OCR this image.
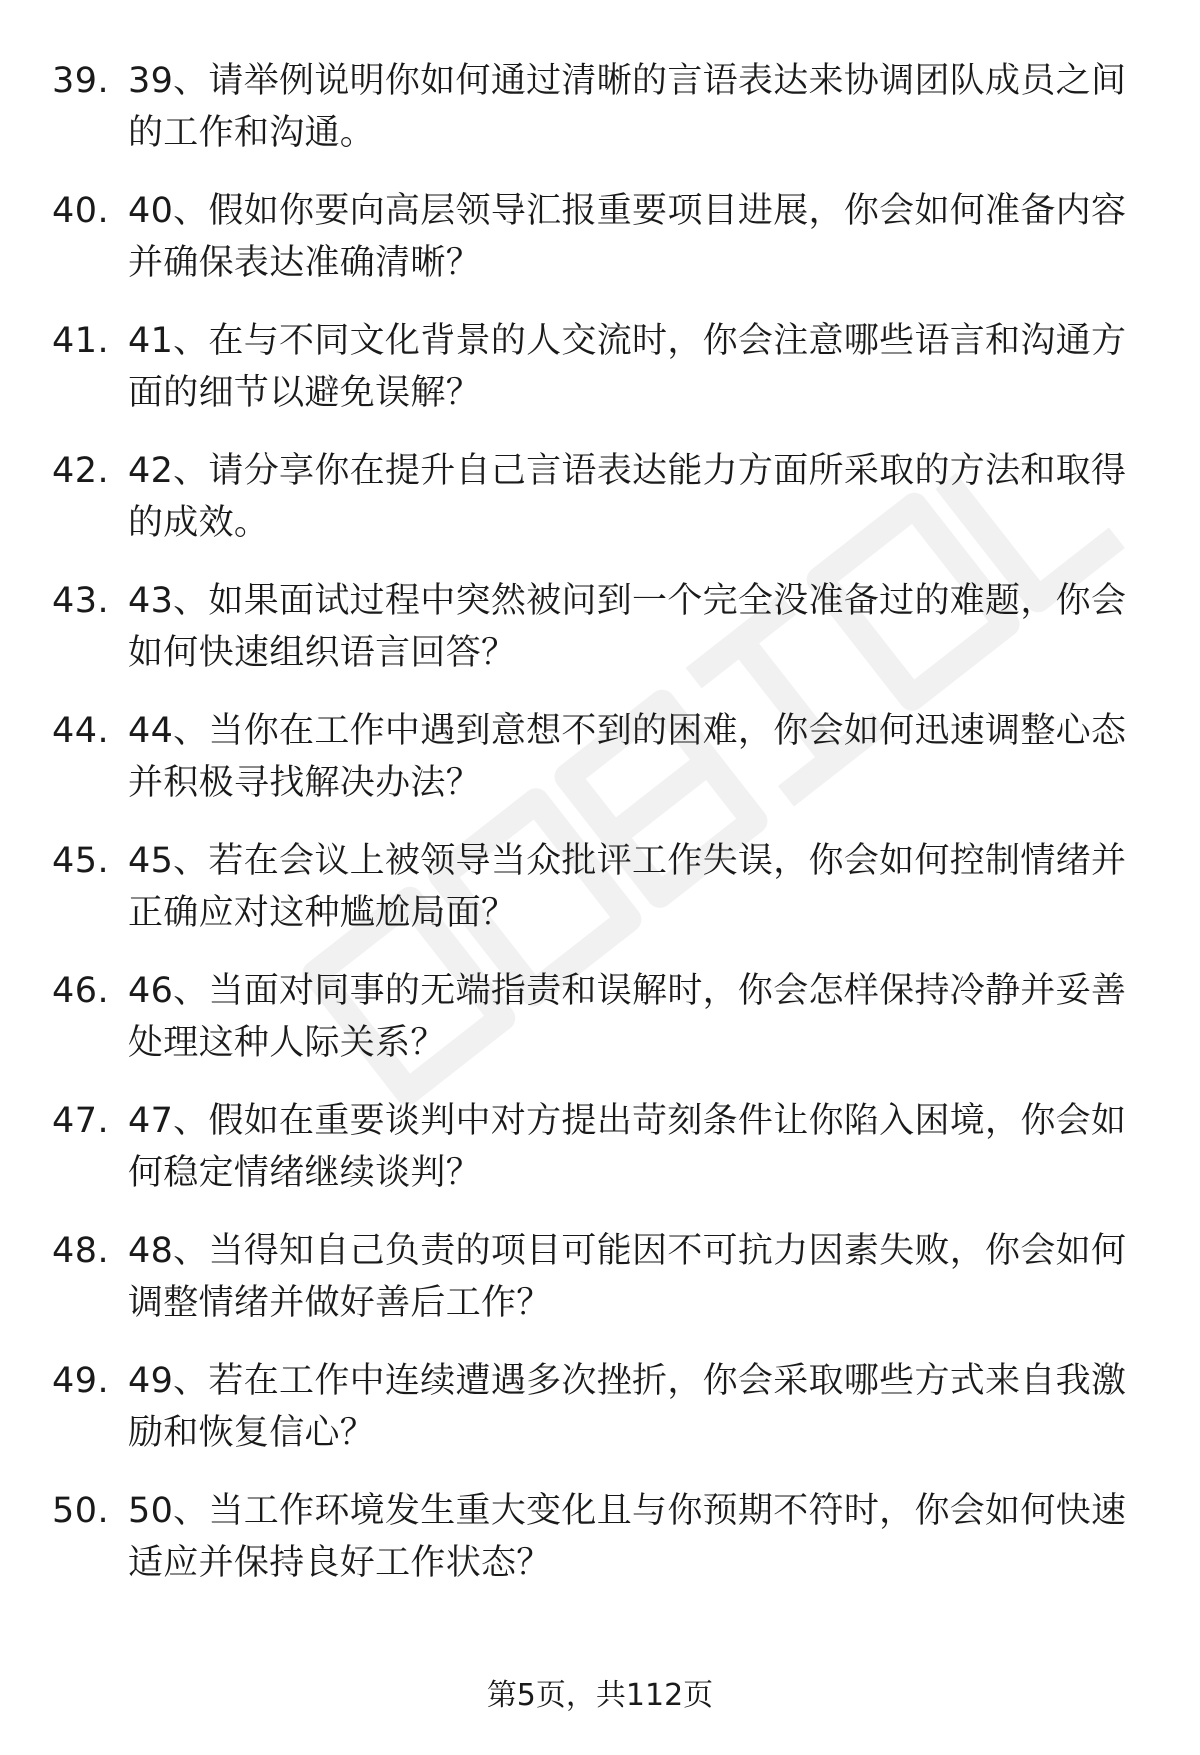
39. 39、请举例说明你如何通过清晰的言语表达来协调团队成员之间的工作和沟通。
40. 40、假如你要向高层领导汇报重要项目进展，你会如何准备内容并确保表达准确清晰？
41. 41、在与不同文化背景的人交流时，你会注意哪些语言和沟通方面的细节以避免误解？
42. 42、请分享你在提升自己言语表达能力方面所采取的方法和取得的成效。
43. 43、如果面试过程中突然被问到一个完全没准备过的难题，你会如何快速组织语言回答？
44. 44、当你在工作中遇到意想不到的困难，你会如何迅速调整心态并积极寻找解决办法？
45. 45、若在会议上被领导当众批评工作失误，你会如何控制情绪并正确应对这种尴尬局面？
46. 46、当面对同事的无端指责和误解时，你会怎样保持冷静并妥善处理这种人际关系？
47. 47、假如在重要谈判中对方提出苛刻条件让你陷入困境，你会如何稳定情绪继续谈判？
48. 48、当得知自己负责的项目可能因不可抗力因素失败，你会如何调整情绪并做好善后工作？
49. 49、若在工作中连续遭遇多次挫折，你会采取哪些方式来自我激励和恢复信心？
50. 50、当工作环境发生重大变化且与你预期不符时，你会如何快速适应并保持良好工作状态？
第5页，共112页
